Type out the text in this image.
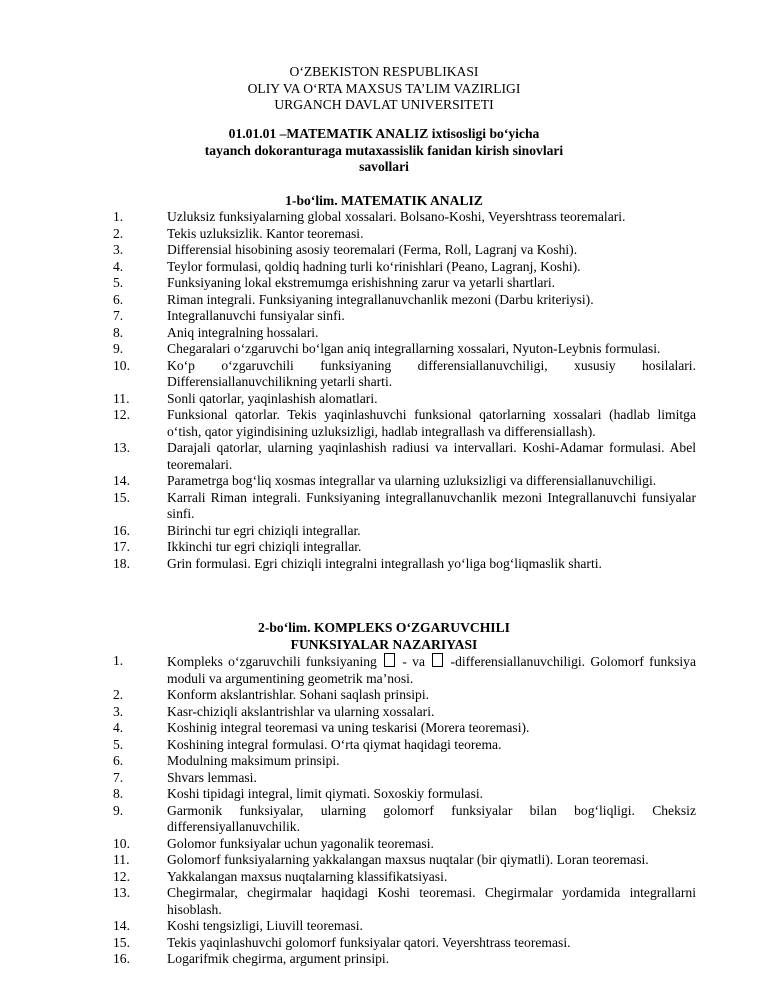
O‘ZBEKISTON RESPUBLIKASI
OLIY VA O‘RTA MAXSUS TA’LIM VAZIRLIGI
URGANCH DAVLAT UNIVERSITETI
01.01.01 –MATEMATIK ANALIZ ixtisosligi bo‘yicha
tayanch dokoranturaga mutaxassislik fanidan kirish sinovlari
savollari
1-bo‘lim. MATEMATIK ANALIZ
1.	Uzluksiz funksiyalarning global xossalari. Bolsano-Koshi, Veyershtrass teoremalari.
2.	Tekis uzluksizlik. Kantor teoremasi.
3.	Differensial hisobining asosiy teoremalari (Ferma, Roll, Lagranj va Koshi).
4.	Teylor formulasi, qoldiq hadning turli ko‘rinishlari (Peano, Lagranj, Koshi).
5.	Funksiyaning lokal ekstremumga erishishning zarur va yetarli shartlari.
6.	Riman integrali. Funksiyaning integrallanuvchanlik mezoni (Darbu kriteriysi).
7.	Integrallanuvchi funsiyalar sinfi.
8.	Aniq integralning hossalari.
9.	Chegaralari o‘zgaruvchi bo‘lgan aniq integrallarning xossalari, Nyuton-Leybnis formulasi.
10.	Ko‘p o‘zgaruvchili funksiyaning differensiallanuvchiligi, xususiy hosilalari. Differensiallanuvchilikning yetarli sharti.
11.	Sonli qatorlar, yaqinlashish alomatlari.
12.	Funksional qatorlar. Tekis yaqinlashuvchi funksional qatorlarning xossalari (hadlab limitga o‘tish, qator yigindisining uzluksizligi, hadlab integrallash va differensiallash).
13.	Darajali qatorlar, ularning yaqinlashish radiusi va intervallari. Koshi-Adamar formulasi. Abel teoremalari.
14.	Parametrga bog‘liq xosmas integrallar va ularning uzluksizligi va differensiallanuvchiligi.
15.	Karrali Riman integrali. Funksiyaning integrallanuvchanlik mezoni Integrallanuvchi funsiyalar sinfi.
16.	Birinchi tur egri chiziqli integrallar.
17.	Ikkinchi tur egri chiziqli integrallar.
18.	Grin formulasi. Egri chiziqli integralni integrallash yo‘liga bog‘liqmaslik sharti.
2-bo‘lim. KOMPLEKS O‘ZGARUVCHILI
FUNKSIYALAR NAZARIYASI
1.	Kompleks o‘zgaruvchili funksiyaning  - va  -differensiallanuvchiligi. Golomorf funksiya moduli va argumentining geometrik ma’nosi.
2.	Konform akslantrishlar. Sohani saqlash prinsipi.
3.	Kasr-chiziqli akslantrishlar va ularning xossalari.
4.	Koshinig integral teoremasi va uning teskarisi (Morera teoremasi).
5.	Koshining integral formulasi. O‘rta qiymat haqidagi teorema.
6.	Modulning maksimum prinsipi.
7.	Shvars lemmasi.
8.	Koshi tipidagi integral, limit qiymati. Soxoskiy formulasi.
9.	Garmonik funksiyalar, ularning golomorf funksiyalar bilan bog‘liqligi. Cheksiz differensiyallanuvchilik.
10.	Golomor funksiyalar uchun yagonalik teoremasi.
11.	Golomorf funksiyalarning yakkalangan maxsus nuqtalar (bir qiymatli). Loran teoremasi.
12.	Yakkalangan maxsus nuqtalarning klassifikatsiyasi.
13.	Chegirmalar, chegirmalar haqidagi Koshi teoremasi. Chegirmalar yordamida integrallarni hisoblash.
14.	Koshi tengsizligi, Liuvill teoremasi.
15.	Tekis yaqinlashuvchi golomorf funksiyalar qatori. Veyershtrass teoremasi.
16.	Logarifmik chegirma, argument prinsipi.
